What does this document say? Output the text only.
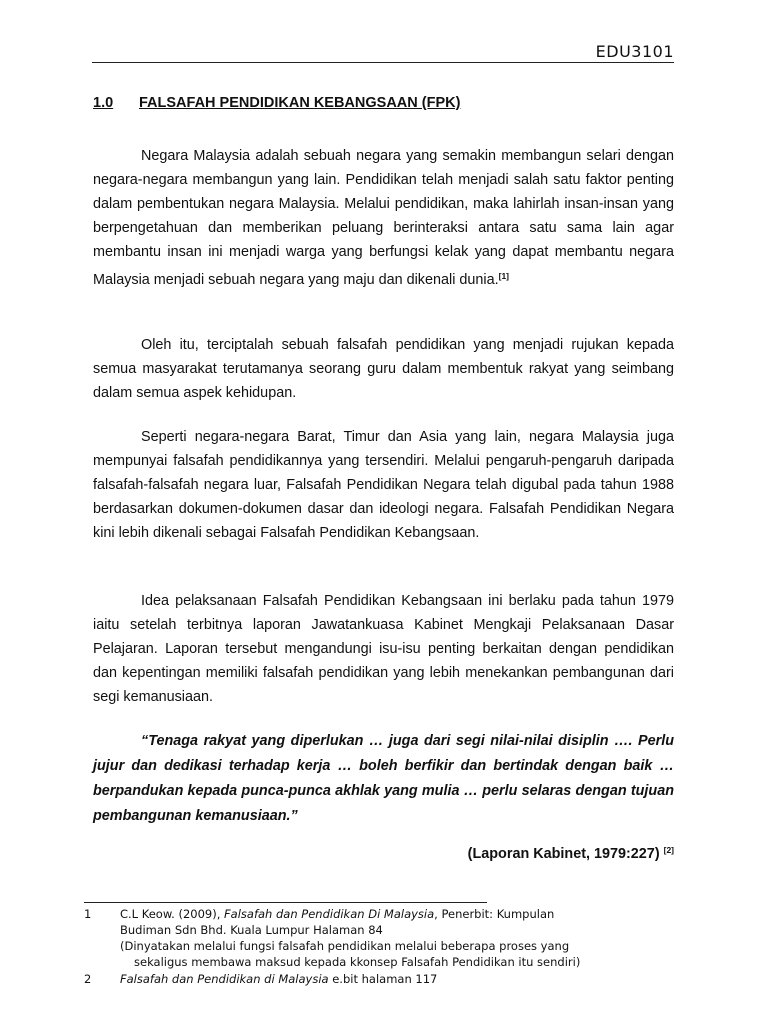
EDU3101
1.0 FALSAFAH PENDIDIKAN KEBANGSAAN (FPK)
Negara Malaysia adalah sebuah negara yang semakin membangun selari dengan negara-negara membangun yang lain. Pendidikan telah menjadi salah satu faktor penting dalam pembentukan negara Malaysia. Melalui pendidikan, maka lahirlah insan-insan yang berpengetahuan dan memberikan peluang berinteraksi antara satu sama lain agar membantu insan ini menjadi warga yang berfungsi kelak yang dapat membantu negara Malaysia menjadi sebuah negara yang maju dan dikenali dunia.[1]
Oleh itu, terciptalah sebuah falsafah pendidikan yang menjadi rujukan kepada semua masyarakat terutamanya seorang guru dalam membentuk rakyat yang seimbang dalam semua aspek kehidupan.
Seperti negara-negara Barat, Timur dan Asia yang lain, negara Malaysia juga mempunyai falsafah pendidikannya yang tersendiri. Melalui pengaruh-pengaruh daripada falsafah-falsafah negara luar, Falsafah Pendidikan Negara telah digubal pada tahun 1988 berdasarkan dokumen-dokumen dasar dan ideologi negara. Falsafah Pendidikan Negara kini lebih dikenali sebagai Falsafah Pendidikan Kebangsaan.
Idea pelaksanaan Falsafah Pendidikan Kebangsaan ini berlaku pada tahun 1979 iaitu setelah terbitnya laporan Jawatankuasa Kabinet Mengkaji Pelaksanaan Dasar Pelajaran. Laporan tersebut mengandungi isu-isu penting berkaitan dengan pendidikan dan kepentingan memiliki falsafah pendidikan yang lebih menekankan pembangunan dari segi kemanusiaan.
“Tenaga rakyat yang diperlukan … juga dari segi nilai-nilai disiplin …. Perlu jujur dan dedikasi terhadap kerja … boleh berfikir dan bertindak dengan baik … berpandukan kepada punca-punca akhlak yang mulia … perlu selaras dengan tujuan pembangunan kemanusiaan.”
(Laporan Kabinet, 1979:227) [2]
1 C.L Keow. (2009), Falsafah dan Pendidikan Di Malaysia, Penerbit: Kumpulan
Budiman Sdn Bhd. Kuala Lumpur Halaman 84
(Dinyatakan melalui fungsi falsafah pendidikan melalui beberapa proses yang
sekaligus membawa maksud kepada kkonsep Falsafah Pendidikan itu sendiri)
2 Falsafah dan Pendidikan di Malaysia e.bit halaman 117
